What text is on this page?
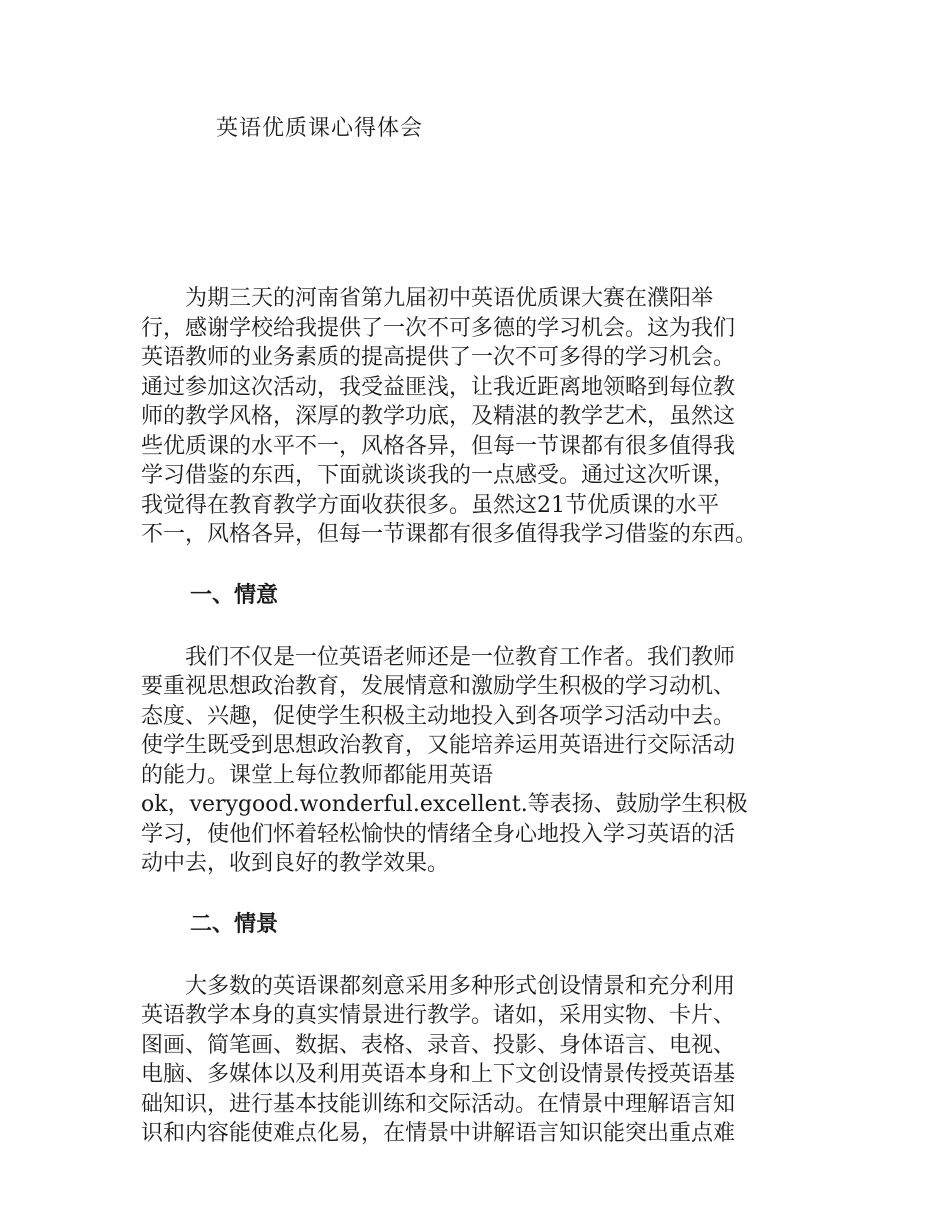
英语优质课心得体会

　　为期三天的河南省第九届初中英语优质课大赛在濮阳举
行，感谢学校给我提供了一次不可多德的学习机会。这为我们
英语教师的业务素质的提高提供了一次不可多得的学习机会。
通过参加这次活动，我受益匪浅，让我近距离地领略到每位教
师的教学风格，深厚的教学功底，及精湛的教学艺术，虽然这
些优质课的水平不一，风格各异，但每一节课都有很多值得我
学习借鉴的东西，下面就谈谈我的一点感受。通过这次听课，
我觉得在教育教学方面收获很多。虽然这21节优质课的水平
不一，风格各异，但每一节课都有很多值得我学习借鉴的东西。

一、情意

　　我们不仅是一位英语老师还是一位教育工作者。我们教师
要重视思想政治教育，发展情意和激励学生积极的学习动机、
态度、兴趣，促使学生积极主动地投入到各项学习活动中去。
使学生既受到思想政治教育，又能培养运用英语进行交际活动
的能力。课堂上每位教师都能用英语
ok，verygood.wonderful.excellent.等表扬、鼓励学生积极
学习，使他们怀着轻松愉快的情绪全身心地投入学习英语的活
动中去，收到良好的教学效果。

二、情景

　　大多数的英语课都刻意采用多种形式创设情景和充分利用
英语教学本身的真实情景进行教学。诸如，采用实物、卡片、
图画、简笔画、数据、表格、录音、投影、身体语言、电视、
电脑、多媒体以及利用英语本身和上下文创设情景传授英语基
础知识，进行基本技能训练和交际活动。在情景中理解语言知
识和内容能使难点化易，在情景中讲解语言知识能突出重点难
